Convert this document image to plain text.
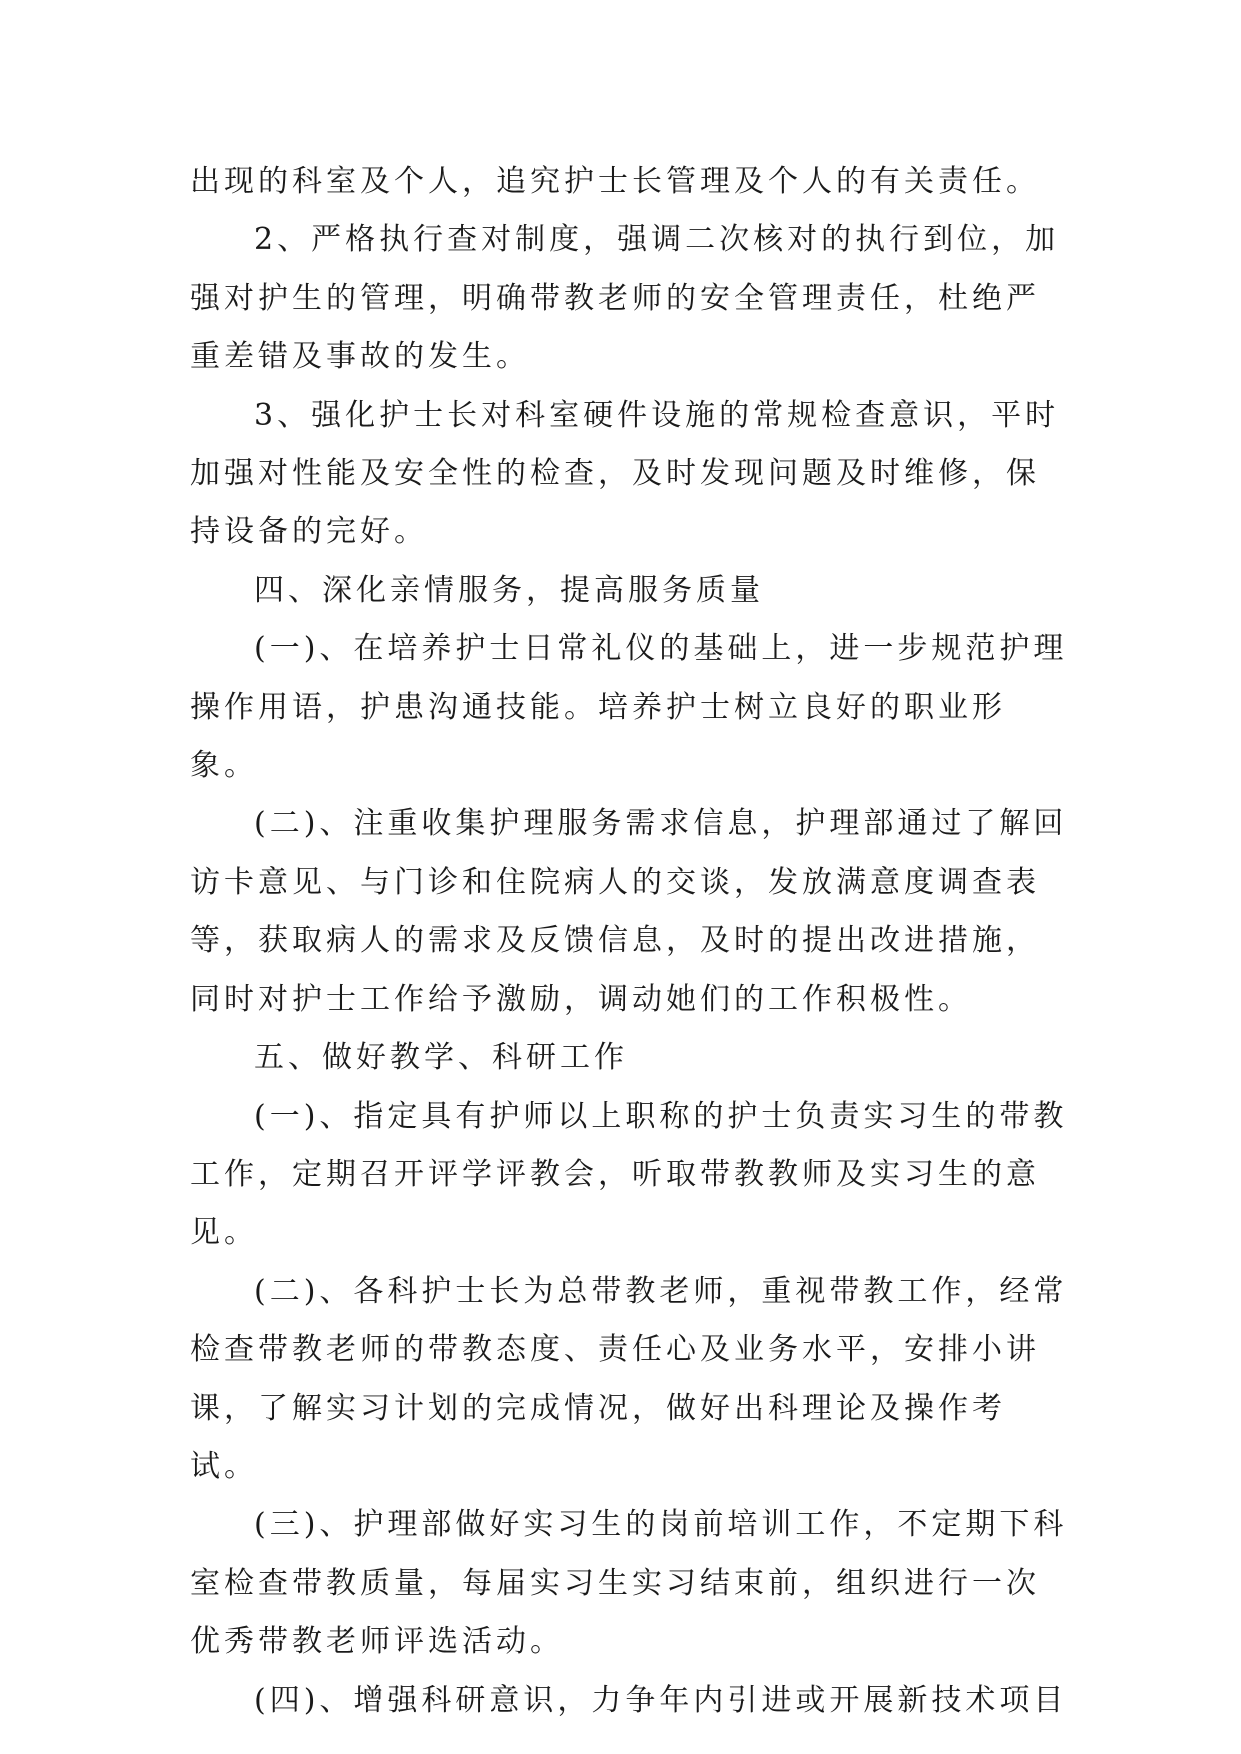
出现的科室及个人，追究护士长管理及个人的有关责任。

2、严格执行查对制度，强调二次核对的执行到位，加强对护生的管理，明确带教老师的安全管理责任，杜绝严重差错及事故的发生。

3、强化护士长对科室硬件设施的常规检查意识，平时加强对性能及安全性的检查，及时发现问题及时维修，保持设备的完好。

四、深化亲情服务，提高服务质量

(一)、在培养护士日常礼仪的基础上，进一步规范护理操作用语，护患沟通技能。培养护士树立良好的职业形象。

(二)、注重收集护理服务需求信息，护理部通过了解回访卡意见、与门诊和住院病人的交谈，发放满意度调查表等，获取病人的需求及反馈信息，及时的提出改进措施，同时对护士工作给予激励，调动她们的工作积极性。

五、做好教学、科研工作

(一)、指定具有护师以上职称的护士负责实习生的带教工作，定期召开评学评教会，听取带教教师及实习生的意见。

(二)、各科护士长为总带教老师，重视带教工作，经常检查带教老师的带教态度、责任心及业务水平，安排小讲课，了解实习计划的完成情况，做好出科理论及操作考试。

(三)、护理部做好实习生的岗前培训工作，不定期下科室检查带教质量，每届实习生实习结束前，组织进行一次优秀带教老师评选活动。

(四)、增强科研意识，力争年内引进或开展新技术项目
